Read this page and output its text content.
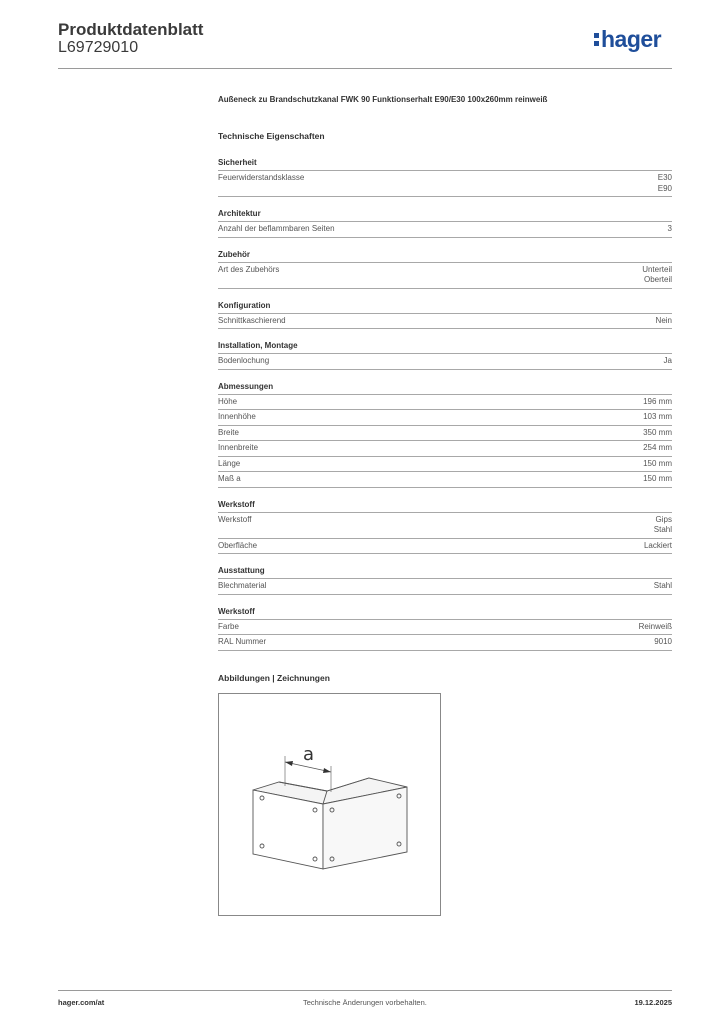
Produktdatenblatt
L69729010	hager
Außeneck zu Brandschutzkanal FWK 90 Funktionserhalt E90/E30 100x260mm reinweiß
Technische Eigenschaften
Sicherheit
Feuerwiderstandsklasse	E30
E90
Architektur
Anzahl der beflammbaren Seiten	3
Zubehör
Art des Zubehörs	Unterteil
Oberteil
Konfiguration
Schnittkaschierend	Nein
Installation, Montage
Bodenlochung	Ja
Abmessungen
Höhe	196 mm
Innenhöhe	103 mm
Breite	350 mm
Innenbreite	254 mm
Länge	150 mm
Maß a	150 mm
Werkstoff
Werkstoff	Gips
Stahl
Oberfläche	Lackiert
Ausstattung
Blechmaterial	Stahl
Werkstoff
Farbe	Reinweiß
RAL Nummer	9010
Abbildungen | Zeichnungen
a
hager.com/at	Technische Änderungen vorbehalten.	19.12.2025
